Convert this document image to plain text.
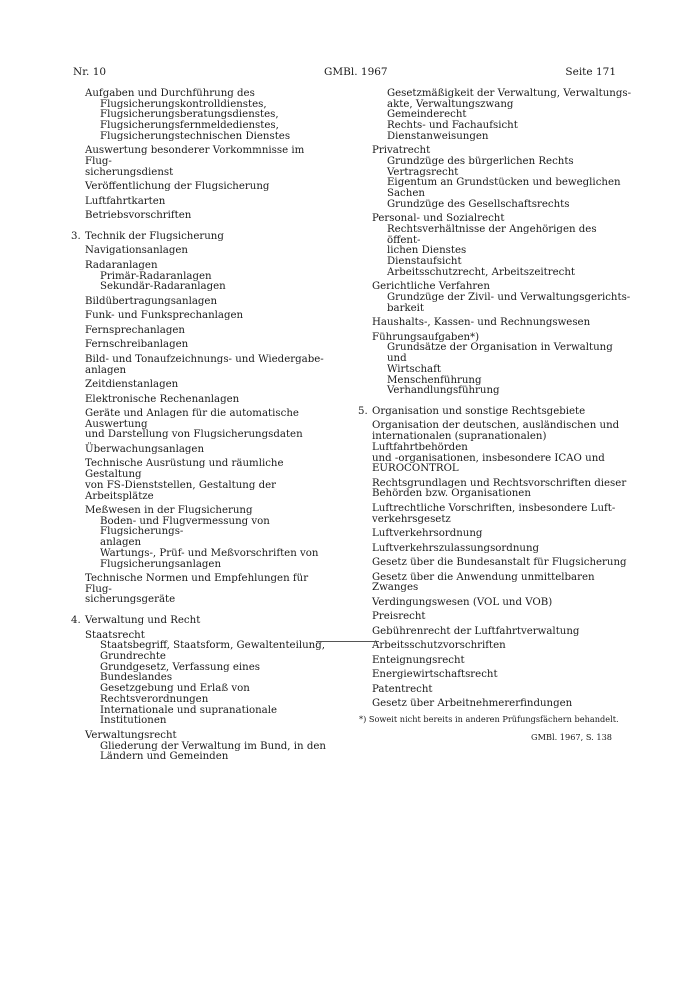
Nr. 10	GMBl. 1967	Seite 171
Aufgaben und Durchführung des
Flugsicherungskontrolldienstes,
Flugsicherungsberatungsdienstes,
Flugsicherungsfernmeldedienstes,
Flugsicherungstechnischen Dienstes
Auswertung besonderer Vorkommnisse im Flug-
sicherungsdienst
Veröffentlichung der Flugsicherung
Luftfahrtkarten
Betriebsvorschriften
3. Technik der Flugsicherung
Navigationsanlagen
Radaranlagen
Primär-Radaranlagen
Sekundär-Radaranlagen
Bildübertragungsanlagen
Funk- und Funksprechanlagen
Fernsprechanlagen
Fernschreibanlagen
Bild- und Tonaufzeichnungs- und Wiedergabe-
anlagen
Zeitdienstanlagen
Elektronische Rechenanlagen
Geräte und Anlagen für die automatische Auswertung
und Darstellung von Flugsicherungsdaten
Überwachungsanlagen
Technische Ausrüstung und räumliche Gestaltung
von FS-Dienststellen, Gestaltung der Arbeitsplätze
Meßwesen in der Flugsicherung
Boden- und Flugvermessung von Flugsicherungs-
anlagen
Wartungs-, Prüf- und Meßvorschriften von
Flugsicherungsanlagen
Technische Normen und Empfehlungen für Flug-
sicherungsgeräte
4. Verwaltung und Recht
Staatsrecht
Staatsbegriff, Staatsform, Gewaltenteilung,
Grundrechte
Grundgesetz, Verfassung eines Bundeslandes
Gesetzgebung und Erlaß von Rechtsverordnungen
Internationale und supranationale Institutionen
Verwaltungsrecht
Gliederung der Verwaltung im Bund, in den
Ländern und Gemeinden
Gesetzmäßigkeit der Verwaltung, Verwaltungs-
akte, Verwaltungszwang
Gemeinderecht
Rechts- und Fachaufsicht
Dienstanweisungen
Privatrecht
Grundzüge des bürgerlichen Rechts
Vertragsrecht
Eigentum an Grundstücken und beweglichen
Sachen
Grundzüge des Gesellschaftsrechts
Personal- und Sozialrecht
Rechtsverhältnisse der Angehörigen des öffent-
lichen Dienstes
Dienstaufsicht
Arbeitsschutzrecht, Arbeitszeitrecht
Gerichtliche Verfahren
Grundzüge der Zivil- und Verwaltungsgerichts-
barkeit
Haushalts-, Kassen- und Rechnungswesen
Führungsaufgaben*)
Grundsätze der Organisation in Verwaltung und
Wirtschaft
Menschenführung
Verhandlungsführung
5. Organisation und sonstige Rechtsgebiete
Organisation der deutschen, ausländischen und
internationalen (supranationalen) Luftfahrtbehörden
und -organisationen, insbesondere ICAO und
EUROCONTROL
Rechtsgrundlagen und Rechtsvorschriften dieser
Behörden bzw. Organisationen
Luftrechtliche Vorschriften, insbesondere Luft-
verkehrsgesetz
Luftverkehrsordnung
Luftverkehrszulassungsordnung
Gesetz über die Bundesanstalt für Flugsicherung
Gesetz über die Anwendung unmittelbaren Zwanges
Verdingungswesen (VOL und VOB)
Preisrecht
Gebührenrecht der Luftfahrtverwaltung
Arbeitsschutzvorschriften
Enteignungsrecht
Energiewirtschaftsrecht
Patentrecht
Gesetz über Arbeitnehmererfindungen
*) Soweit nicht bereits in anderen Prüfungsfächern behandelt.
GMBl. 1967, S. 138
